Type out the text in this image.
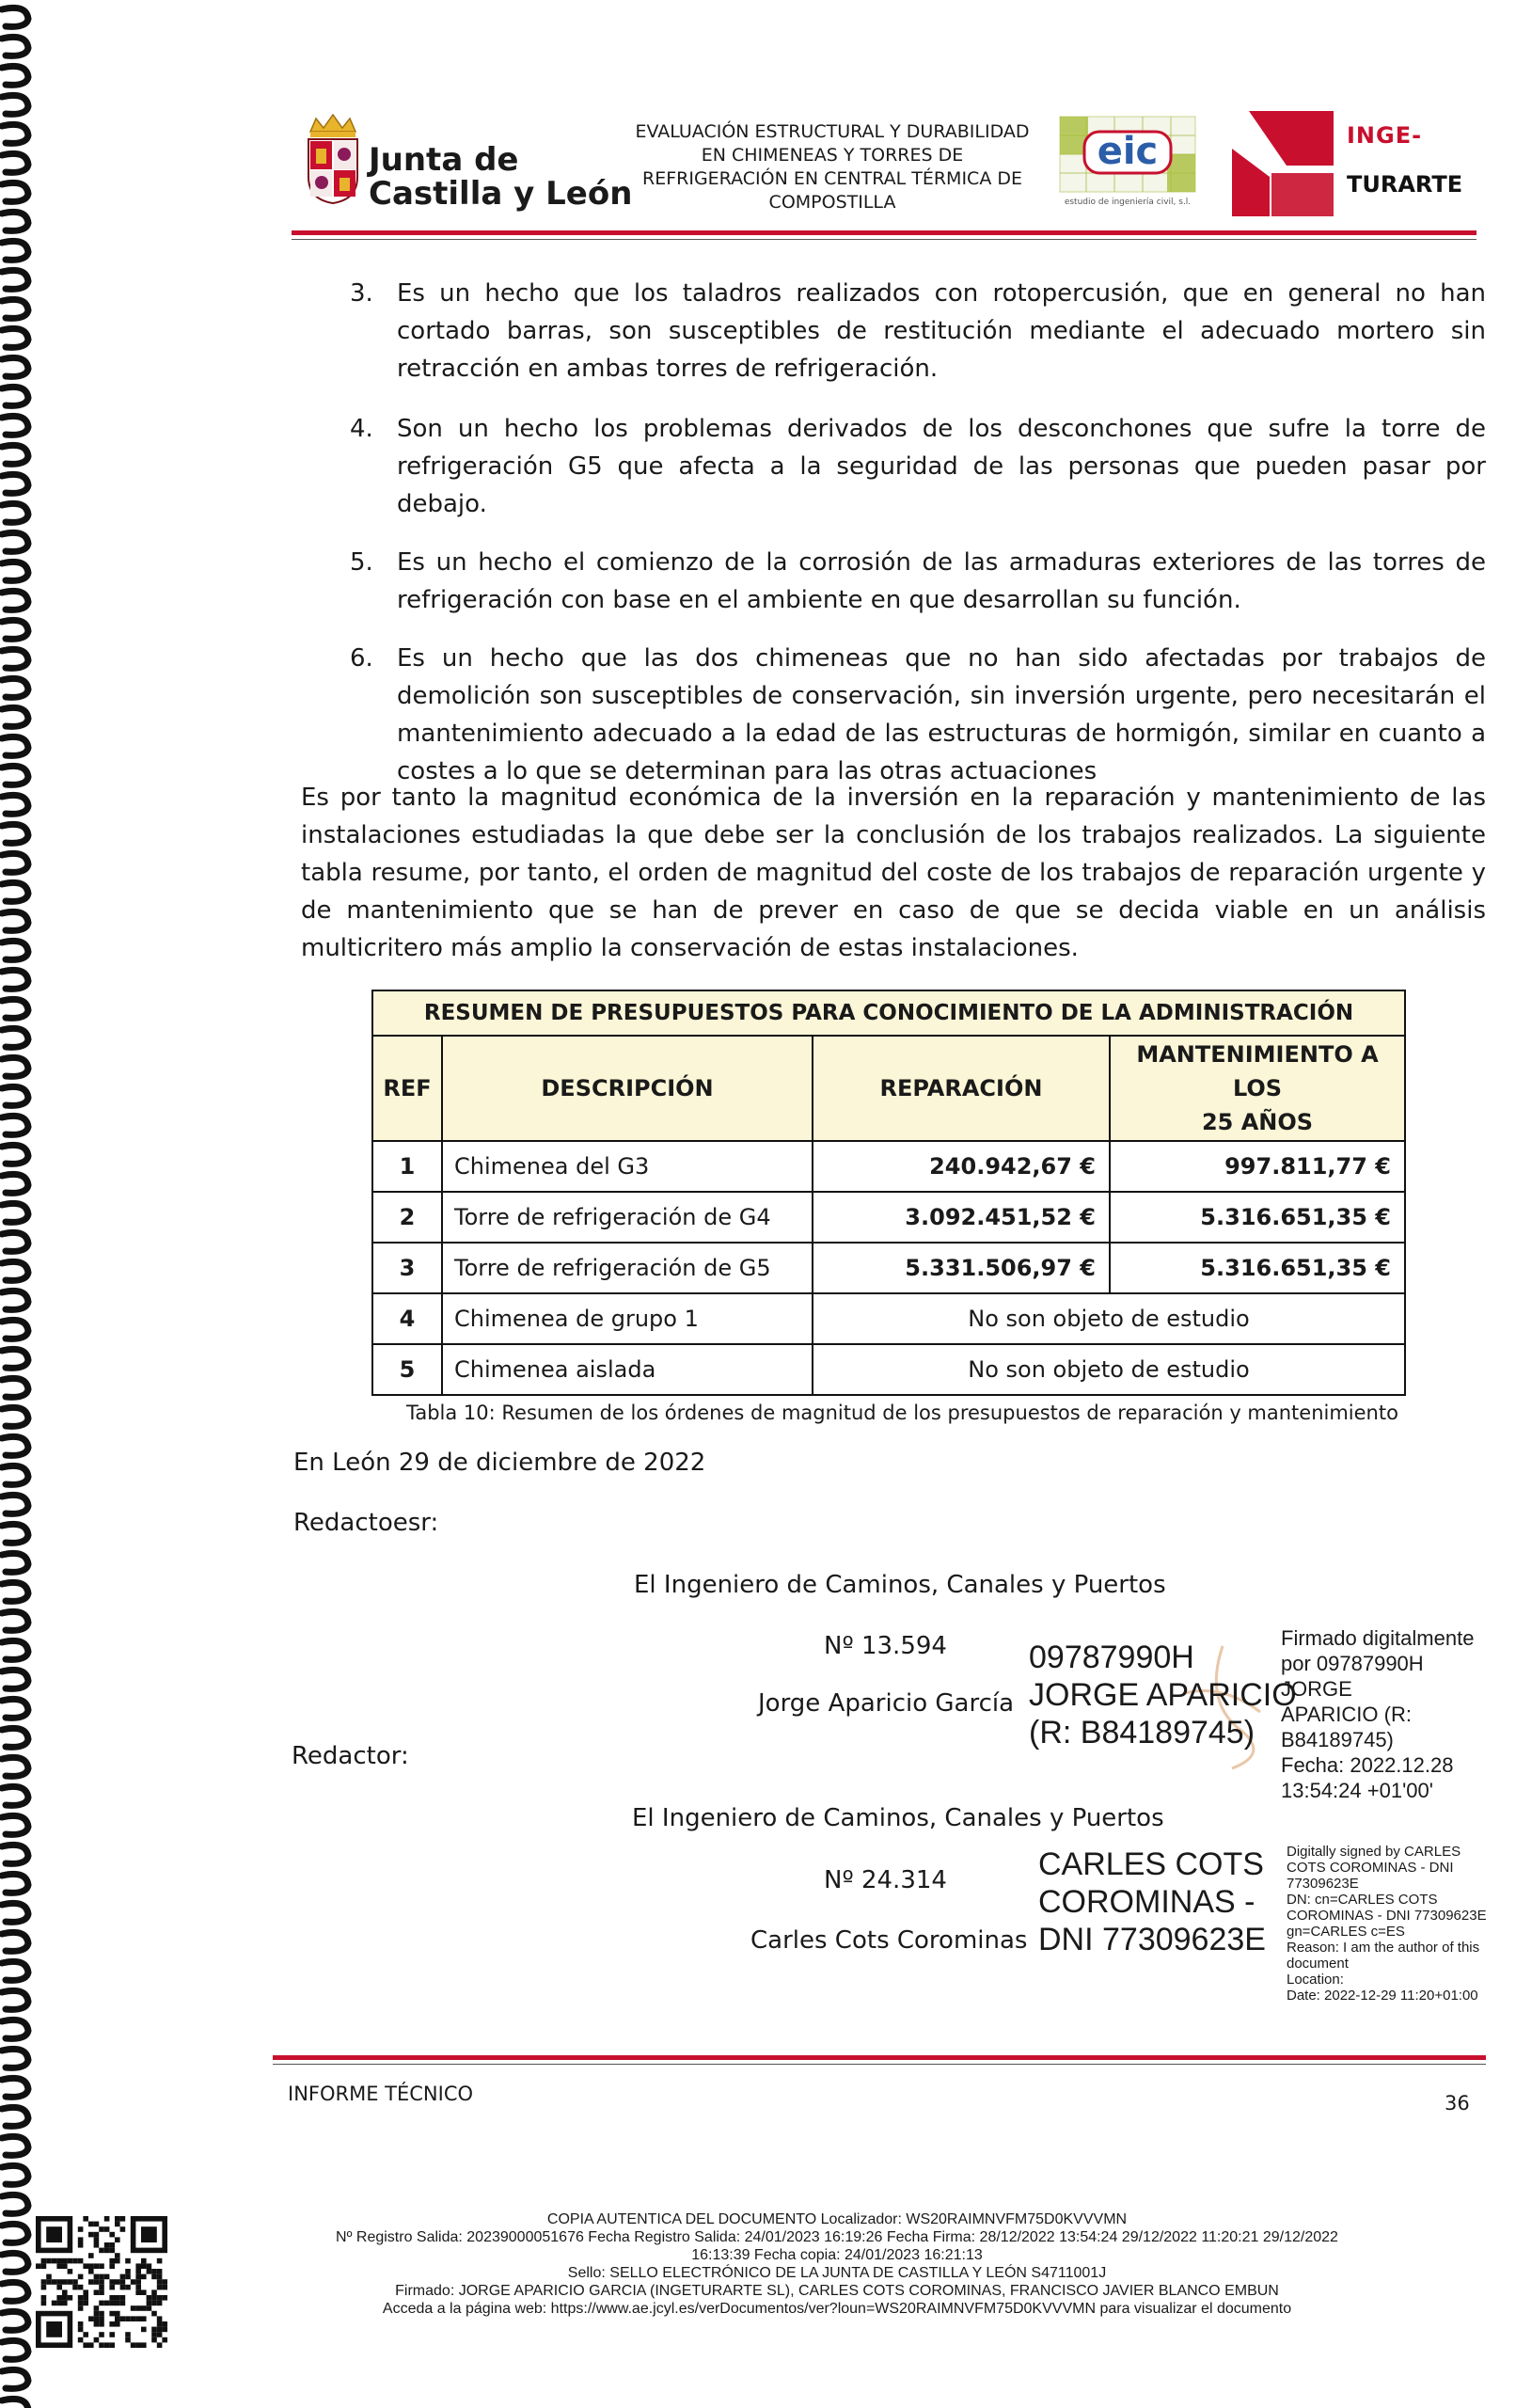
Junta de
Castilla y León
EVALUACIÓN ESTRUCTURAL Y DURABILIDAD
EN CHIMENEAS Y TORRES DE
REFRIGERACIÓN EN CENTRAL TÉRMICA DE
COMPOSTILLA
eic
estudio de ingeniería civil, s.l.
INGE-
TURARTE
3. Es un hecho que los taladros realizados con rotopercusión, que en general no han cortado barras, son susceptibles de restitución mediante el adecuado mortero sin retracción en ambas torres de refrigeración.
4. Son un hecho los problemas derivados de los desconchones que sufre la torre de refrigeración G5 que afecta a la seguridad de las personas que pueden pasar por debajo.
5. Es un hecho el comienzo de la corrosión de las armaduras exteriores de las torres de refrigeración con base en el ambiente en que desarrollan su función.
6. Es un hecho que las dos chimeneas que no han sido afectadas por trabajos de demolición son susceptibles de conservación, sin inversión urgente, pero necesitarán el mantenimiento adecuado a la edad de las estructuras de hormigón, similar en cuanto a costes a lo que se determinan para las otras actuaciones
Es por tanto la magnitud económica de la inversión en la reparación y mantenimiento de las instalaciones estudiadas la que debe ser la conclusión de los trabajos realizados. La siguiente tabla resume, por tanto, el orden de magnitud del coste de los trabajos de reparación urgente y de mantenimiento que se han de prever en caso de que se decida viable en un análisis multicritero más amplio la conservación de estas instalaciones.
RESUMEN DE PRESUPUESTOS PARA CONOCIMIENTO DE LA ADMINISTRACIÓN			
REF	DESCRIPCIÓN	REPARACIÓN	MANTENIMIENTO A LOS
25 AÑOS

1	Chimenea del G3	240.942,67 €	997.811,77 €
2	Torre de refrigeración de G4	3.092.451,52 €	5.316.651,35 €
3	Torre de refrigeración de G5	5.331.506,97 €	5.316.651,35 €
4	Chimenea de grupo 1	No son objeto de estudio	
5	Chimenea aislada	No son objeto de estudio	
Tabla 10: Resumen de los órdenes de magnitud de los presupuestos de reparación y mantenimiento
En León 29 de diciembre de 2022
Redactoesr:
El Ingeniero de Caminos, Canales y Puertos
Nº 13.594
Jorge Aparicio García
Redactor:
09787990H
JORGE APARICIO
(R: B84189745)
Firmado digitalmente
por 09787990H JORGE
APARICIO (R:
B84189745)
Fecha: 2022.12.28
13:54:24 +01'00'
El Ingeniero de Caminos, Canales y Puertos
Nº 24.314
Carles Cots Corominas
CARLES COTS
COROMINAS -
DNI 77309623E
Digitally signed by CARLES
COTS COROMINAS - DNI
77309623E
DN: cn=CARLES COTS
COROMINAS - DNI 77309623E
gn=CARLES c=ES
Reason: I am the author of this
document
Location:
Date: 2022-12-29 11:20+01:00
INFORME TÉCNICO	36
COPIA AUTENTICA DEL DOCUMENTO Localizador: WS20RAIMNVFM75D0KVVVMN
Nº Registro Salida: 20239000051676 Fecha Registro Salida: 24/01/2023 16:19:26 Fecha Firma: 28/12/2022 13:54:24 29/12/2022 11:20:21 29/12/2022
16:13:39 Fecha copia: 24/01/2023 16:21:13
Sello: SELLO ELECTRÓNICO DE LA JUNTA DE CASTILLA Y LEÓN S4711001J
Firmado: JORGE APARICIO GARCIA (INGETURARTE SL), CARLES COTS COROMINAS, FRANCISCO JAVIER BLANCO EMBUN
Acceda a la página web: https://www.ae.jcyl.es/verDocumentos/ver?loun=WS20RAIMNVFM75D0KVVVMN para visualizar el documento
